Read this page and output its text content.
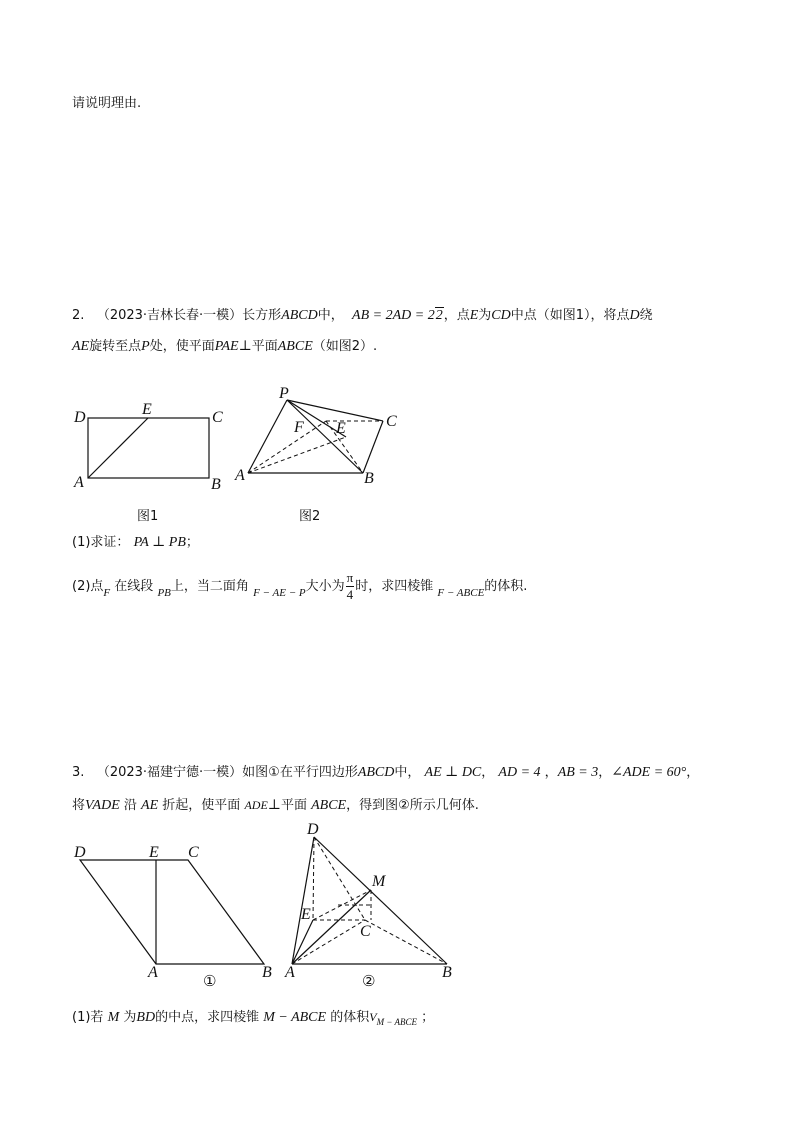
请说明理由.
2. （2023·吉林长春·一模）长方形ABCD中， AB = 2AD = 22，点E为CD中点（如图1），将点D绕
AE旋转至点P处，使平面PAE⊥平面ABCE（如图2）.
D	E	C
A	B
图1
P
F E	C
A	B
图2
(1)求证： PA ⊥ PB；
(2)点$_F$ 在线段 $_{PB}$上，当二面角 $_{F - AE - P}$大小为 $\frac{\pi}{4}$ 时，求四棱锥 $_{F - ABCE}$的体积.
3. （2023·福建宁德·一模）如图①在平行四边形ABCD中， AE ⊥ DC， AD = 4 ，AB = 3，∠ADE = 60°，
将VADE 沿 AE 折起，使平面 ADE⊥平面 ABCE，得到图②所示几何体.
D	E C
A	B
①
D
M
E
C
A	B
②
(1)若 M 为BD的中点，求四棱锥 M − ABCE 的体积$V_{M - ABCE}$ ；
